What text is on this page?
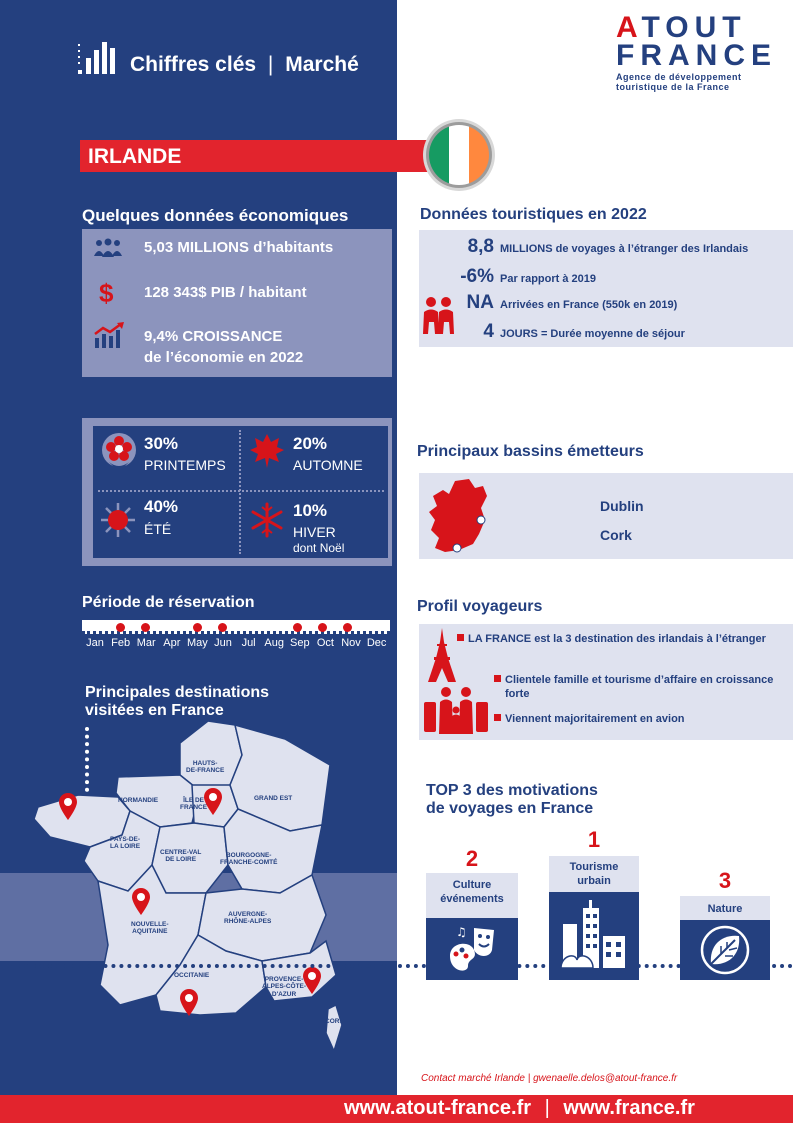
Chiffres clés | Marché
ATOUT
FRANCE
Agence de développement
touristique de la France
IRLANDE
Quelques données économiques
5,03 MILLIONS d’habitants
$ 128 343$ PIB / habitant
9,4% CROISSANCE
de l’économie en 2022
30%
PRINTEMPS
20%
AUTOMNE
40%
ÉTÉ
10%
HIVER
dont Noël
Période de réservation
Jan Feb Mar Apr May Jun Jul Aug Sep Oct Nov Dec
Principales destinations
visitées en France
HAUTS-
DE-FRANCE
NORMANDIE	ÎLE DE
FRANCE
GRAND EST
PAYS-DE-
LA LOIRE
CENTRE-VAL
DE LOIRE
BOURGOGNE-
FRANCHE-COMTÉ
NOUVELLE-
AQUITAINE
AUVERGNE-
RHÔNE-ALPES
OCCITANIE
PROVENCE-
ALPES-CÔTE-
D'AZUR
CORSE
Données touristiques en 2022
8,8 MILLIONS de voyages à l’étranger des Irlandais
-6% Par rapport à 2019
NA Arrivées en France (550k en 2019)
4 JOURS = Durée moyenne de séjour
Principaux bassins émetteurs
Dublin
Cork
Profil voyageurs
LA FRANCE est la 3 destination des irlandais à l’étranger
Clientele famille et tourisme d’affaire en croissance forte
Viennent majoritairement en avion
TOP 3 des motivations
de voyages en France
2
Culture événements
♫
1
Tourisme urbain	3
Nature
Contact marché Irlande | gwenaelle.delos@atout-france.fr
www.atout-france.fr | www.france.fr
